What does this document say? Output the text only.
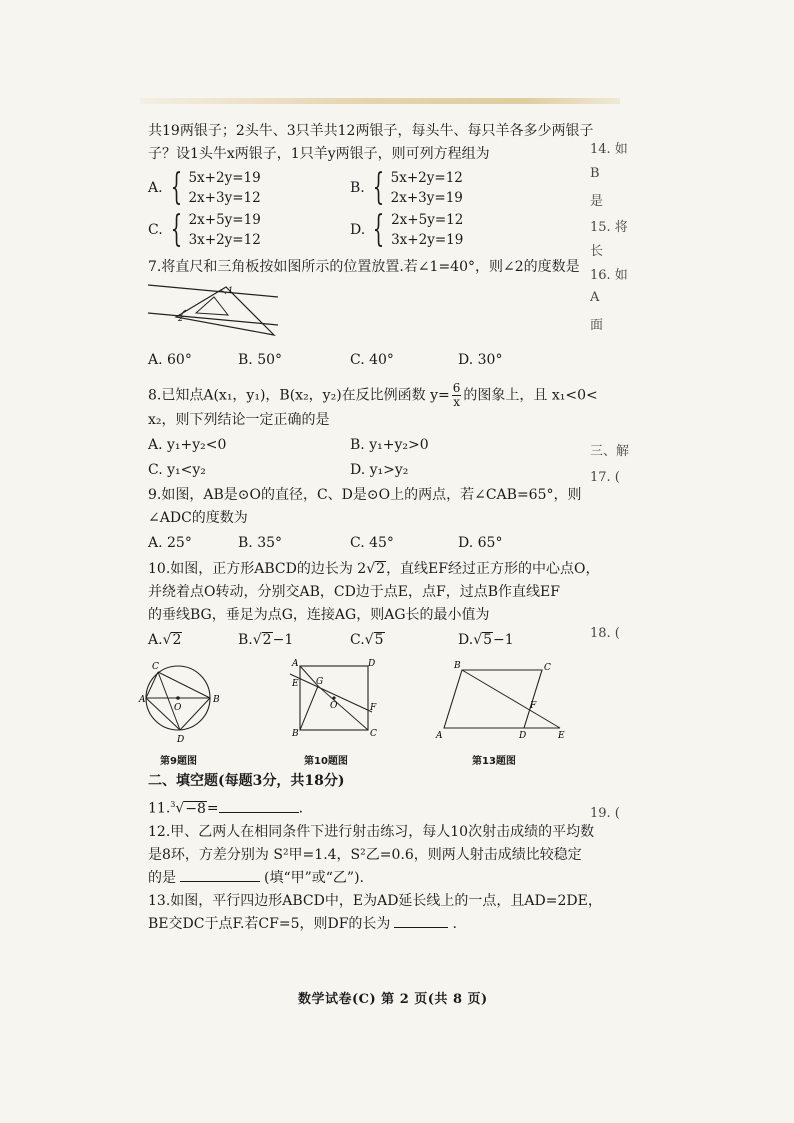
共19两银子；2头牛、3只羊共12两银子，每头牛、每只羊各多少两银子
子？设1头牛x两银子，1只羊y两银子，则可列方程组为
A. { 5x+2y=19
2x+3y=12
B. { 5x+2y=12
2x+3y=19
C. { 2x+5y=19
3x+2y=12
D. { 2x+5y=12
3x+2y=19
7.将直尺和三角板按如图所示的位置放置.若∠1=40°，则∠2的度数是
1
2
A. 60°	B. 50°	C. 40°	D. 30°
8.已知点A(x₁，y₁)，B(x₂，y₂)在反比例函数 $y= \frac{6}{x}$ 的图象上，且 x₁<0<
x₂，则下列结论一定正确的是
A. y₁+y₂<0	B. y₁+y₂>0
C. y₁<y₂	D. y₁>y₂
9.如图，AB是⊙O的直径，C、D是⊙O上的两点，若∠CAB=65°，则
∠ADC的度数为
A. 25°	B. 35°	C. 45°	D. 65°
10.如图，正方形ABCD的边长为 2√2，直线EF经过正方形的中心点O，
并绕着点O转动，分别交AB，CD边于点E，点F，过点B作直线EF
的垂线BG，垂足为点G，连接AG，则AG长的最小值为
A.√2	B.√2−1	C.√5	D.√5−1
A	B
C
D
O
第9题图
A
B	C
D
E
F
G
O
第10题图
A
B	C
D	E
F
第13题图
二、填空题(每题3分，共18分)
11.$^3$√−8=	.
12.甲、乙两人在相同条件下进行射击练习，每人10次射击成绩的平均数
是8环，方差分别为 S²甲=1.4，S²乙=0.6，则两人射击成绩比较稳定
的是	(填“甲”或“乙”).
13.如图，平行四边形ABCD中，E为AD延长线上的一点，且AD=2DE，
BE交DC于点F.若CF=5，则DF的长为	.
数学试卷(C) 第 2 页(共 8 页)
14. 如
B
是
15. 将
长
16. 如
A
面
三、解
17. (
18. (
19. (
